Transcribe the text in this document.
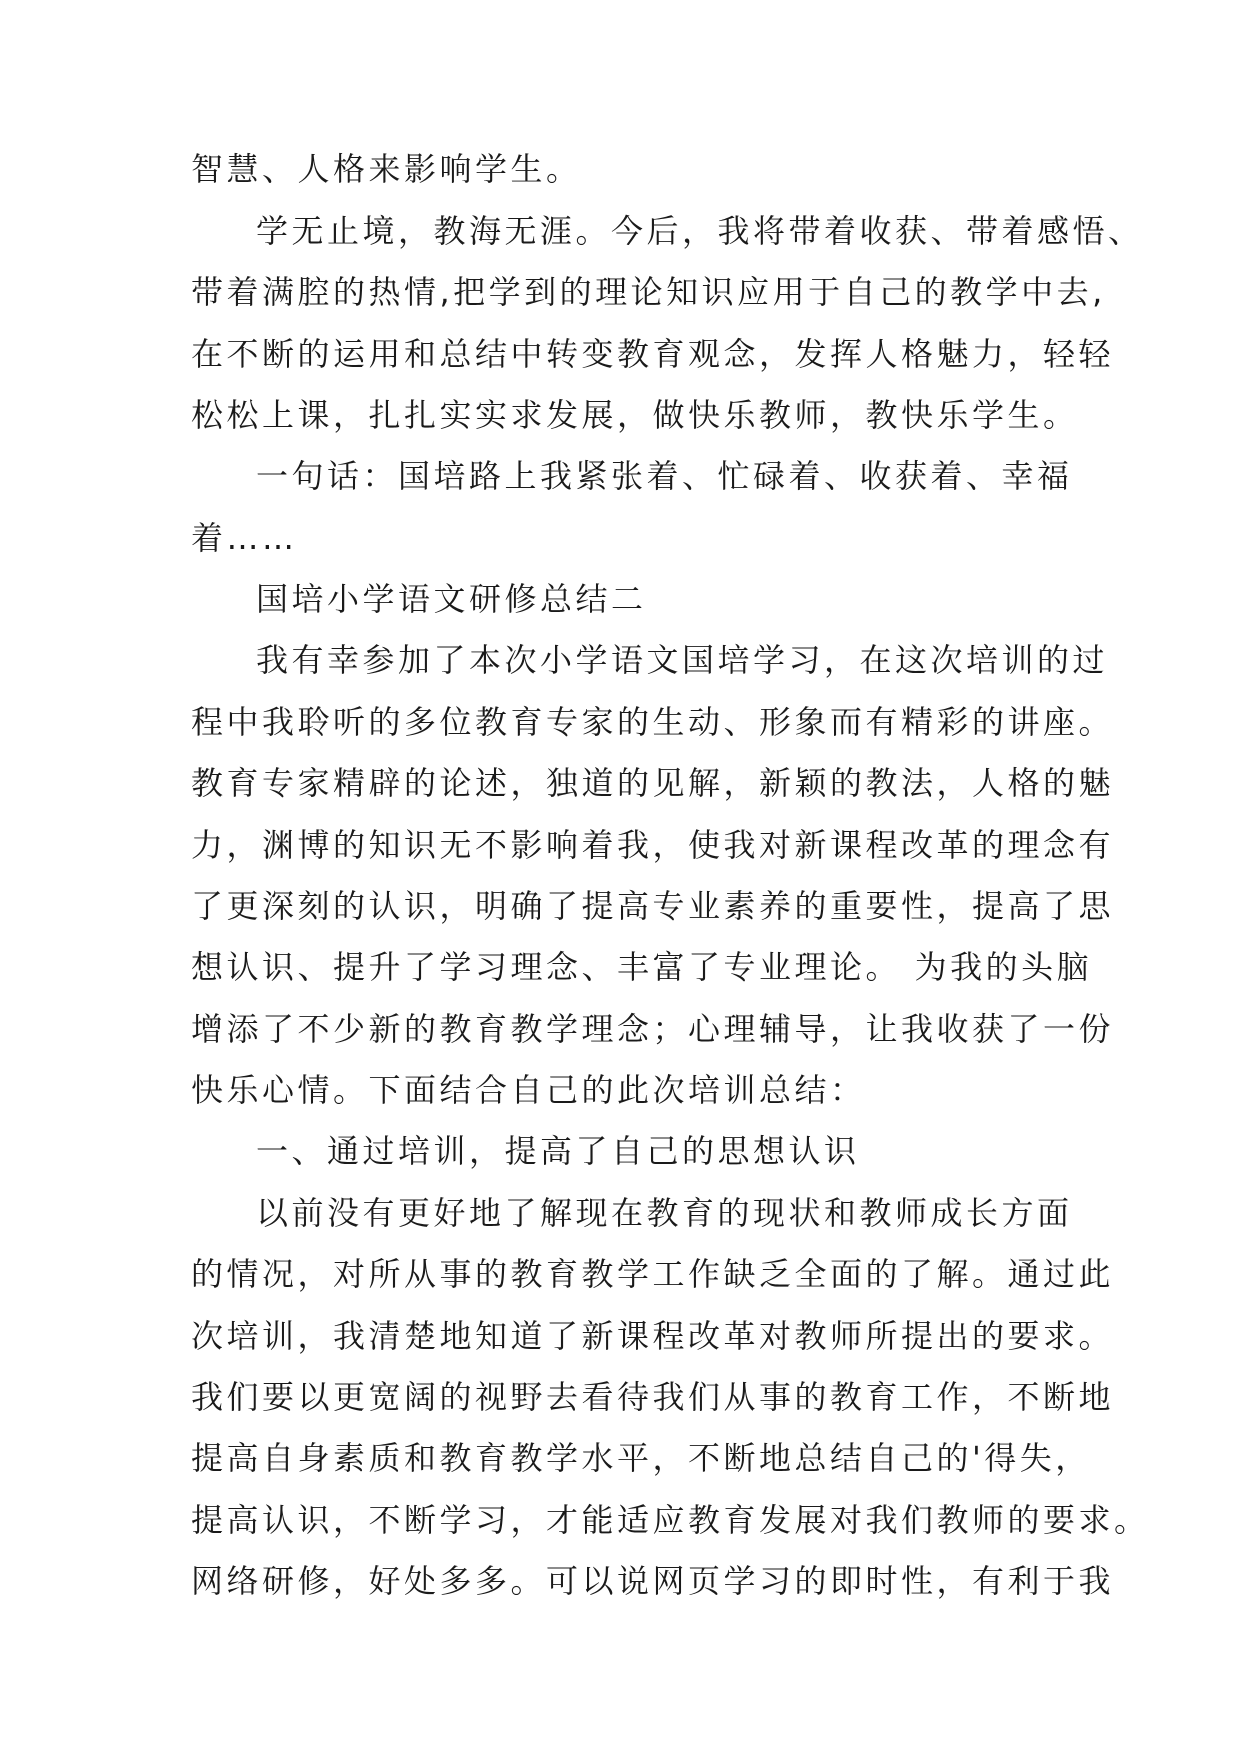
智慧、人格来影响学生。
学无止境，教海无涯。今后，我将带着收获、带着感悟、
带着满腔的热情,把学到的理论知识应用于自己的教学中去,
在不断的运用和总结中转变教育观念，发挥人格魅力，轻轻
松松上课，扎扎实实求发展，做快乐教师，教快乐学生。
一句话：国培路上我紧张着、忙碌着、收获着、幸福
着……
国培小学语文研修总结二
我有幸参加了本次小学语文国培学习，在这次培训的过
程中我聆听的多位教育专家的生动、形象而有精彩的讲座。
教育专家精辟的论述，独道的见解，新颖的教法，人格的魅
力，渊博的知识无不影响着我，使我对新课程改革的理念有
了更深刻的认识，明确了提高专业素养的重要性，提高了思
想认识、提升了学习理念、丰富了专业理论。 为我的头脑
增添了不少新的教育教学理念；心理辅导，让我收获了一份
快乐心情。下面结合自己的此次培训总结：
一、通过培训，提高了自己的思想认识
以前没有更好地了解现在教育的现状和教师成长方面
的情况，对所从事的教育教学工作缺乏全面的了解。通过此
次培训，我清楚地知道了新课程改革对教师所提出的要求。
我们要以更宽阔的视野去看待我们从事的教育工作，不断地
提高自身素质和教育教学水平，不断地总结自己的'得失，
提高认识，不断学习，才能适应教育发展对我们教师的要求。
网络研修，好处多多。可以说网页学习的即时性，有利于我
